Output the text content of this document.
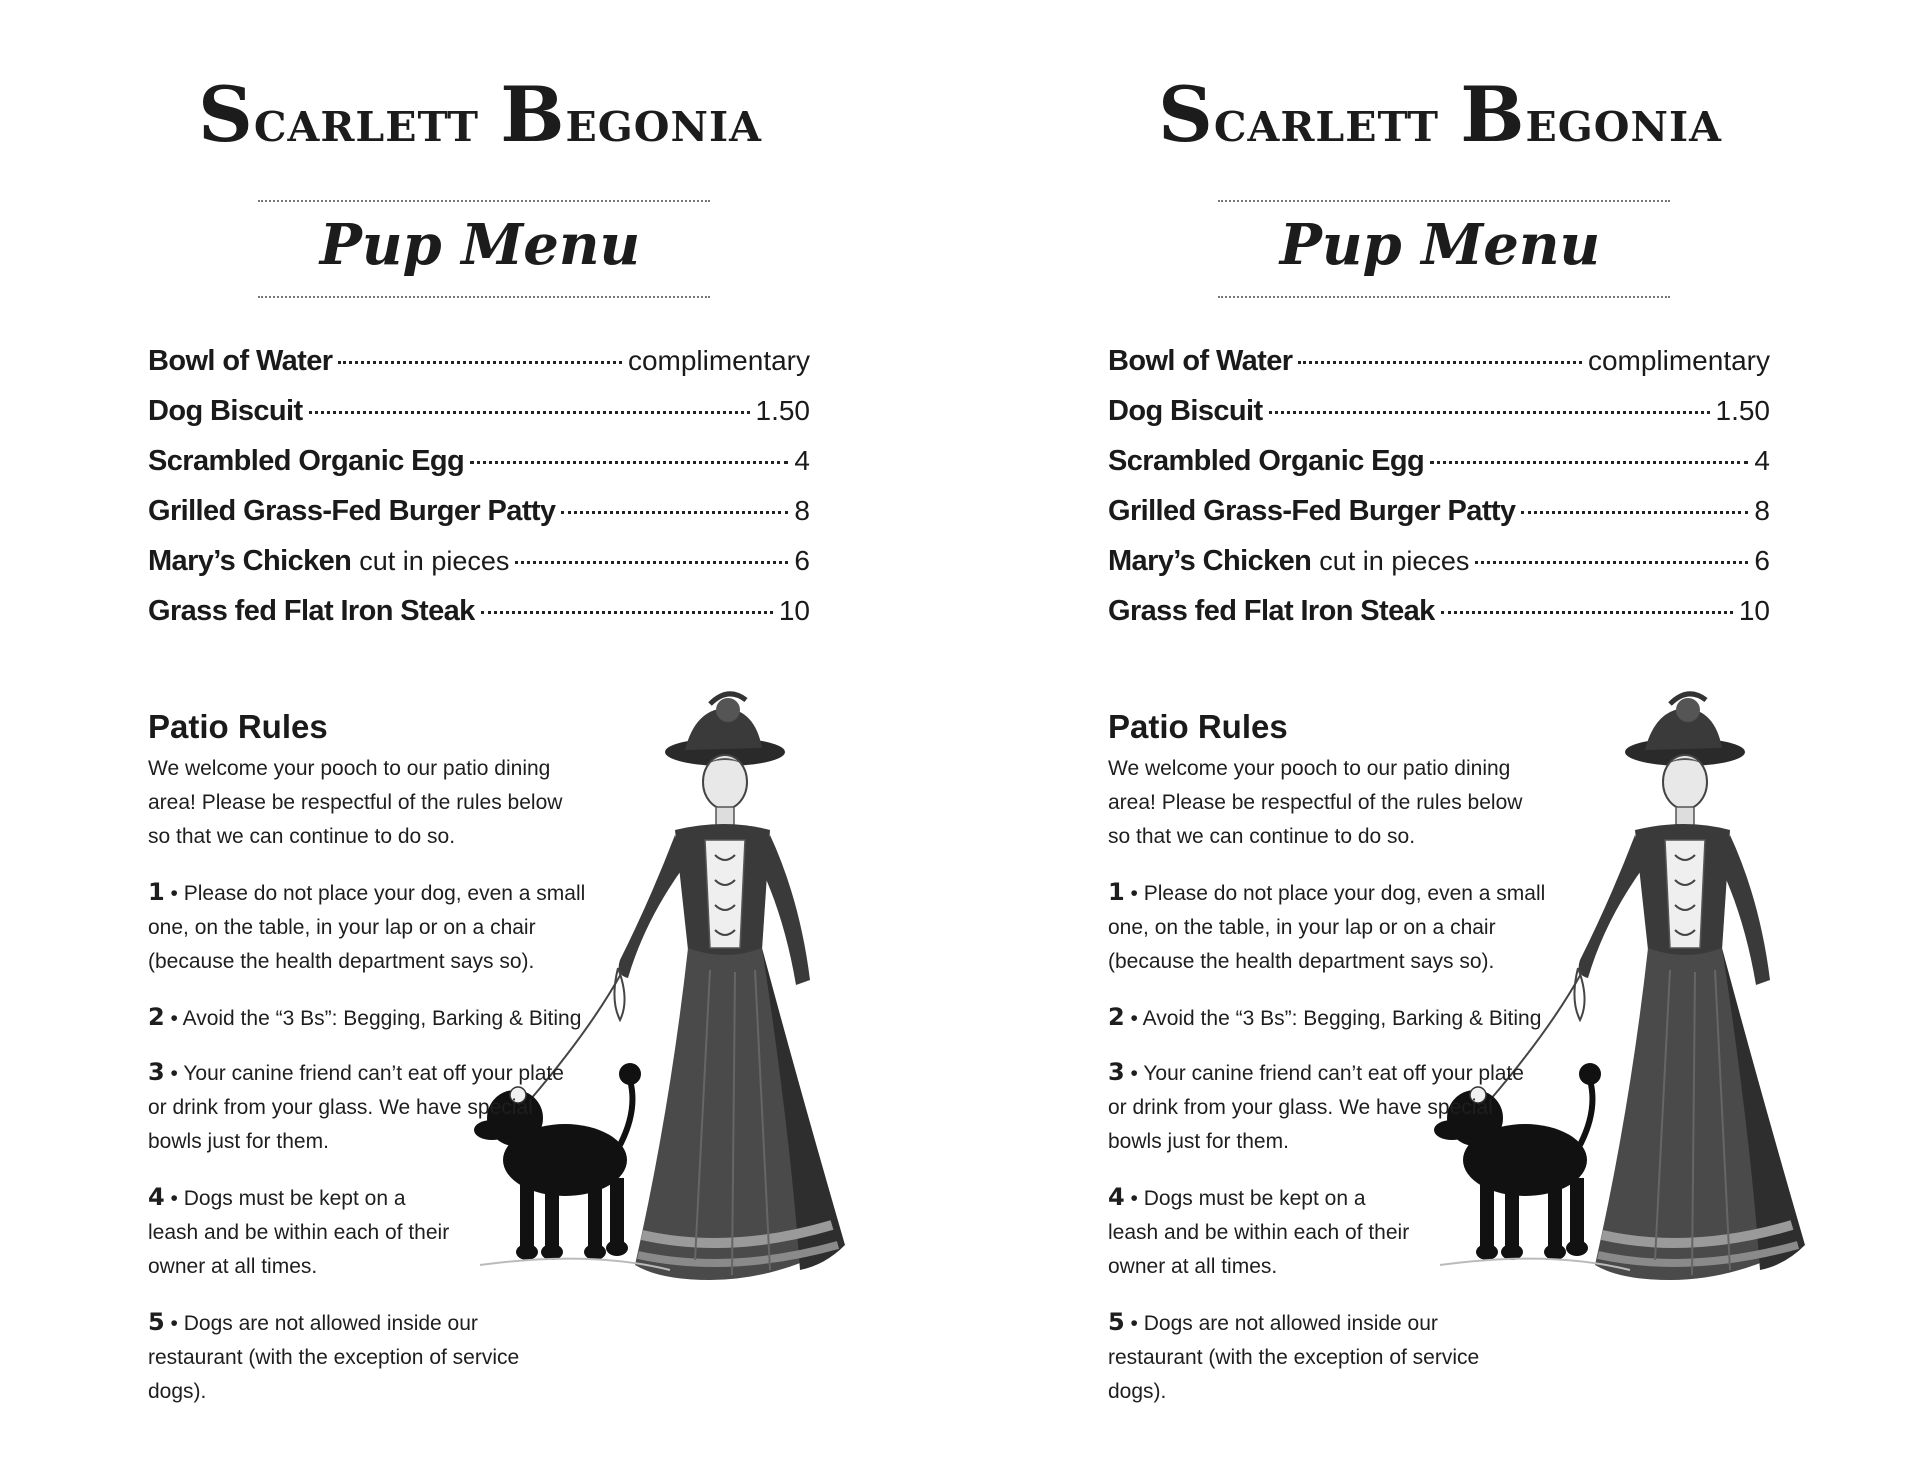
Scarlett Begonia
Pup Menu
Bowl of Water	complimentary
Dog Biscuit	1.50
Scrambled Organic Egg	4
Grilled Grass-Fed Burger Patty	8
Mary’s Chicken cut in pieces	6
Grass fed Flat Iron Steak	10
Patio Rules
We welcome your pooch to our patio dining area! Please be respectful of the rules below so that we can continue to do so.
1 • Please do not place your dog, even a small one, on the table, in your lap or on a chair (because the health department says so).
2 • Avoid the “3 Bs”: Begging, Barking & Biting
3 • Your canine friend can’t eat off your plate or drink from your glass. We have special bowls just for them.
4 • Dogs must be kept on a leash and be within each of their owner at all times.
5 • Dogs are not allowed inside our restaurant (with the exception of service dogs).
Scarlett Begonia
Pup Menu
Bowl of Water	complimentary
Dog Biscuit	1.50
Scrambled Organic Egg	4
Grilled Grass-Fed Burger Patty	8
Mary’s Chicken cut in pieces	6
Grass fed Flat Iron Steak	10
Patio Rules
We welcome your pooch to our patio dining area! Please be respectful of the rules below so that we can continue to do so.
1 • Please do not place your dog, even a small one, on the table, in your lap or on a chair (because the health department says so).
2 • Avoid the “3 Bs”: Begging, Barking & Biting
3 • Your canine friend can’t eat off your plate or drink from your glass. We have special bowls just for them.
4 • Dogs must be kept on a leash and be within each of their owner at all times.
5 • Dogs are not allowed inside our restaurant (with the exception of service dogs).
